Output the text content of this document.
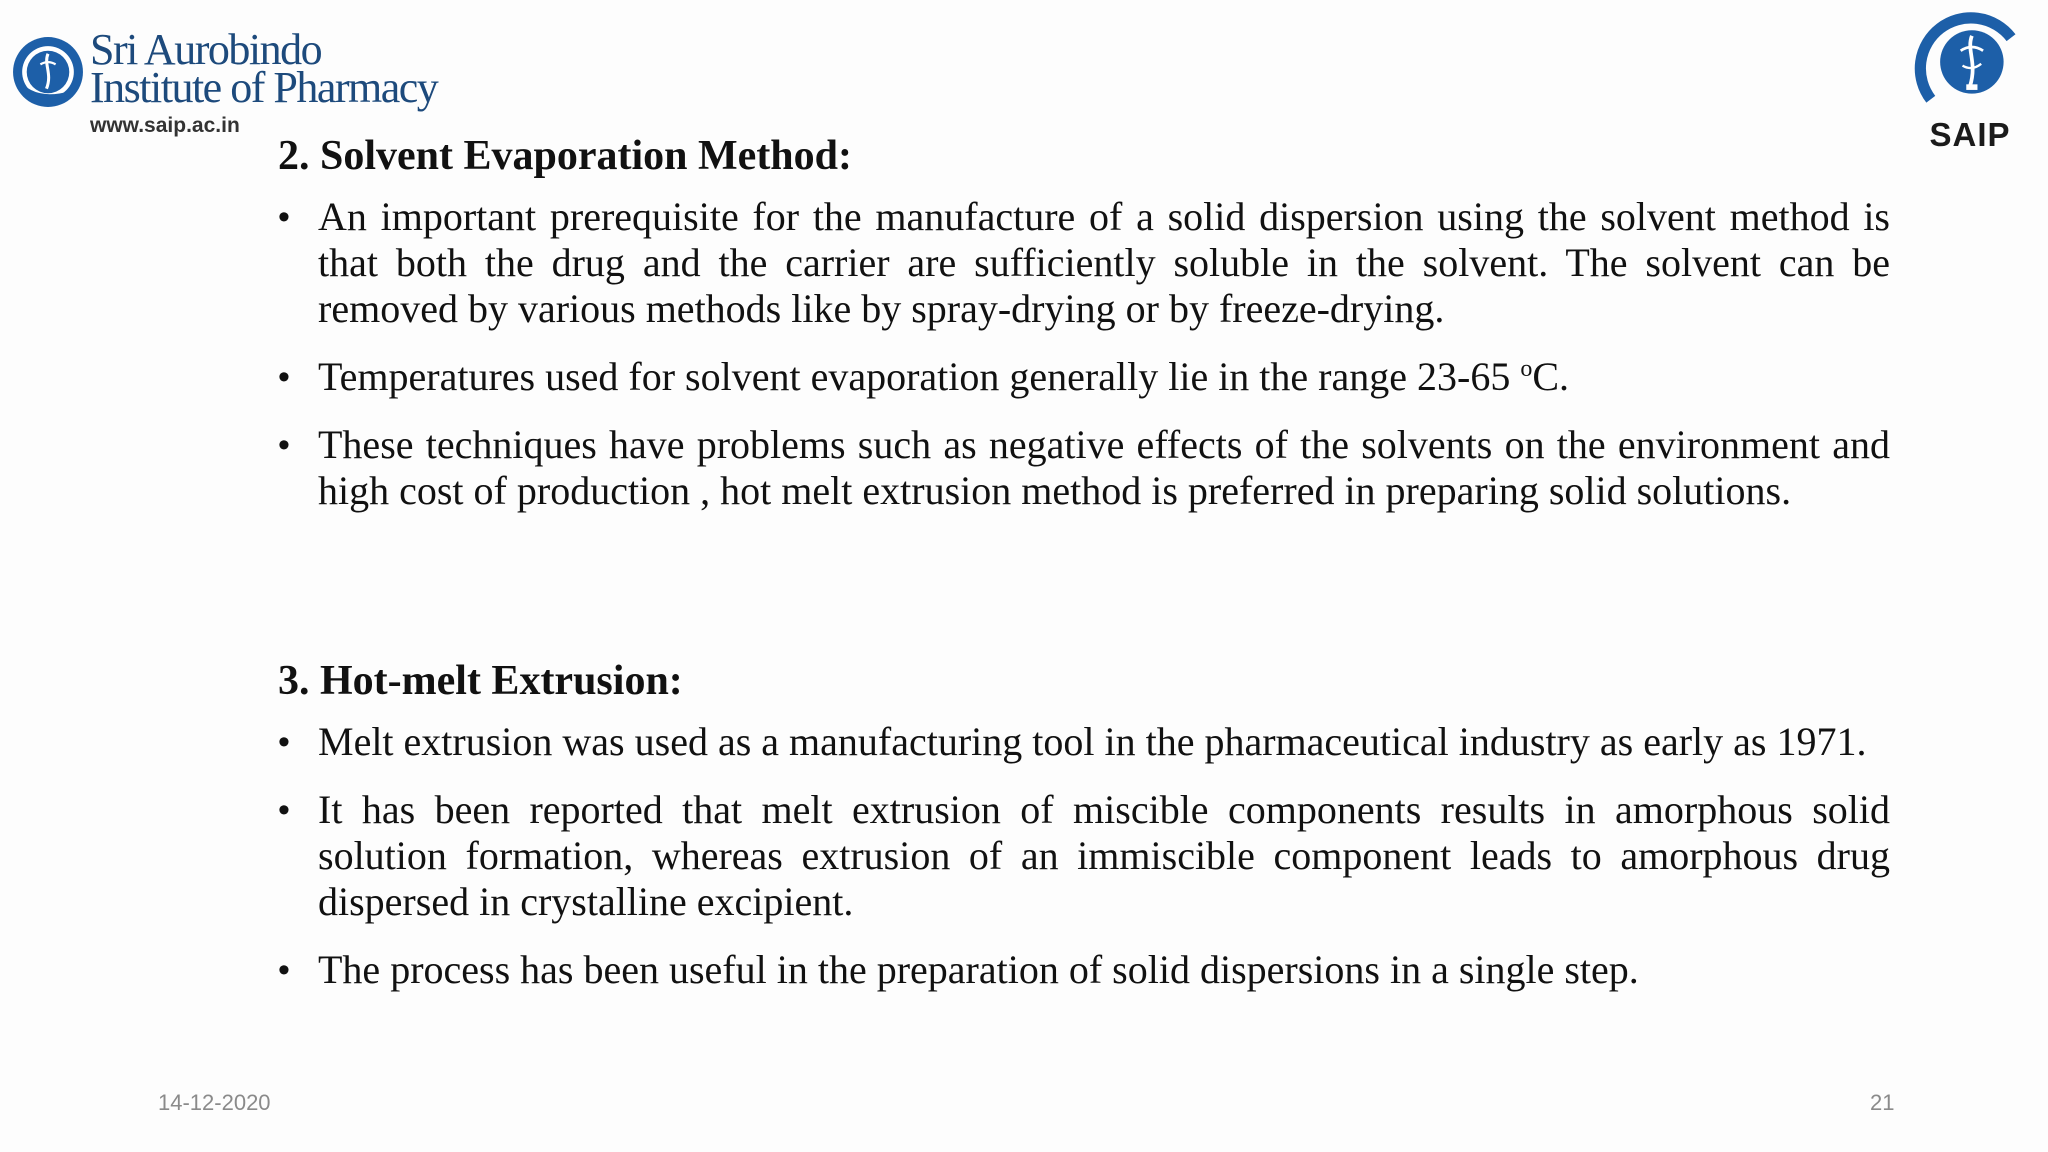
Sri Aurobindo
Institute of Pharmacy
www.saip.ac.in	SAIP
2. Solvent Evaporation Method:
• An important prerequisite for the manufacture of a solid dispersion using the solvent method is that both the drug and the carrier are sufficiently soluble in the solvent. The solvent can be removed by various methods like by spray-drying or by freeze-drying.
• Temperatures used for solvent evaporation generally lie in the range 23-65 $^o$C.
• These techniques have problems such as negative effects of the solvents on the environment and high cost of production , hot melt extrusion method is preferred in preparing solid solutions.
3. Hot-melt Extrusion:
• Melt extrusion was used as a manufacturing tool in the pharmaceutical industry as early as 1971.
• It has been reported that melt extrusion of miscible components results in amorphous solid solution formation, whereas extrusion of an immiscible component leads to amorphous drug dispersed in crystalline excipient.
• The process has been useful in the preparation of solid dispersions in a single step.
14-12-2020	21
